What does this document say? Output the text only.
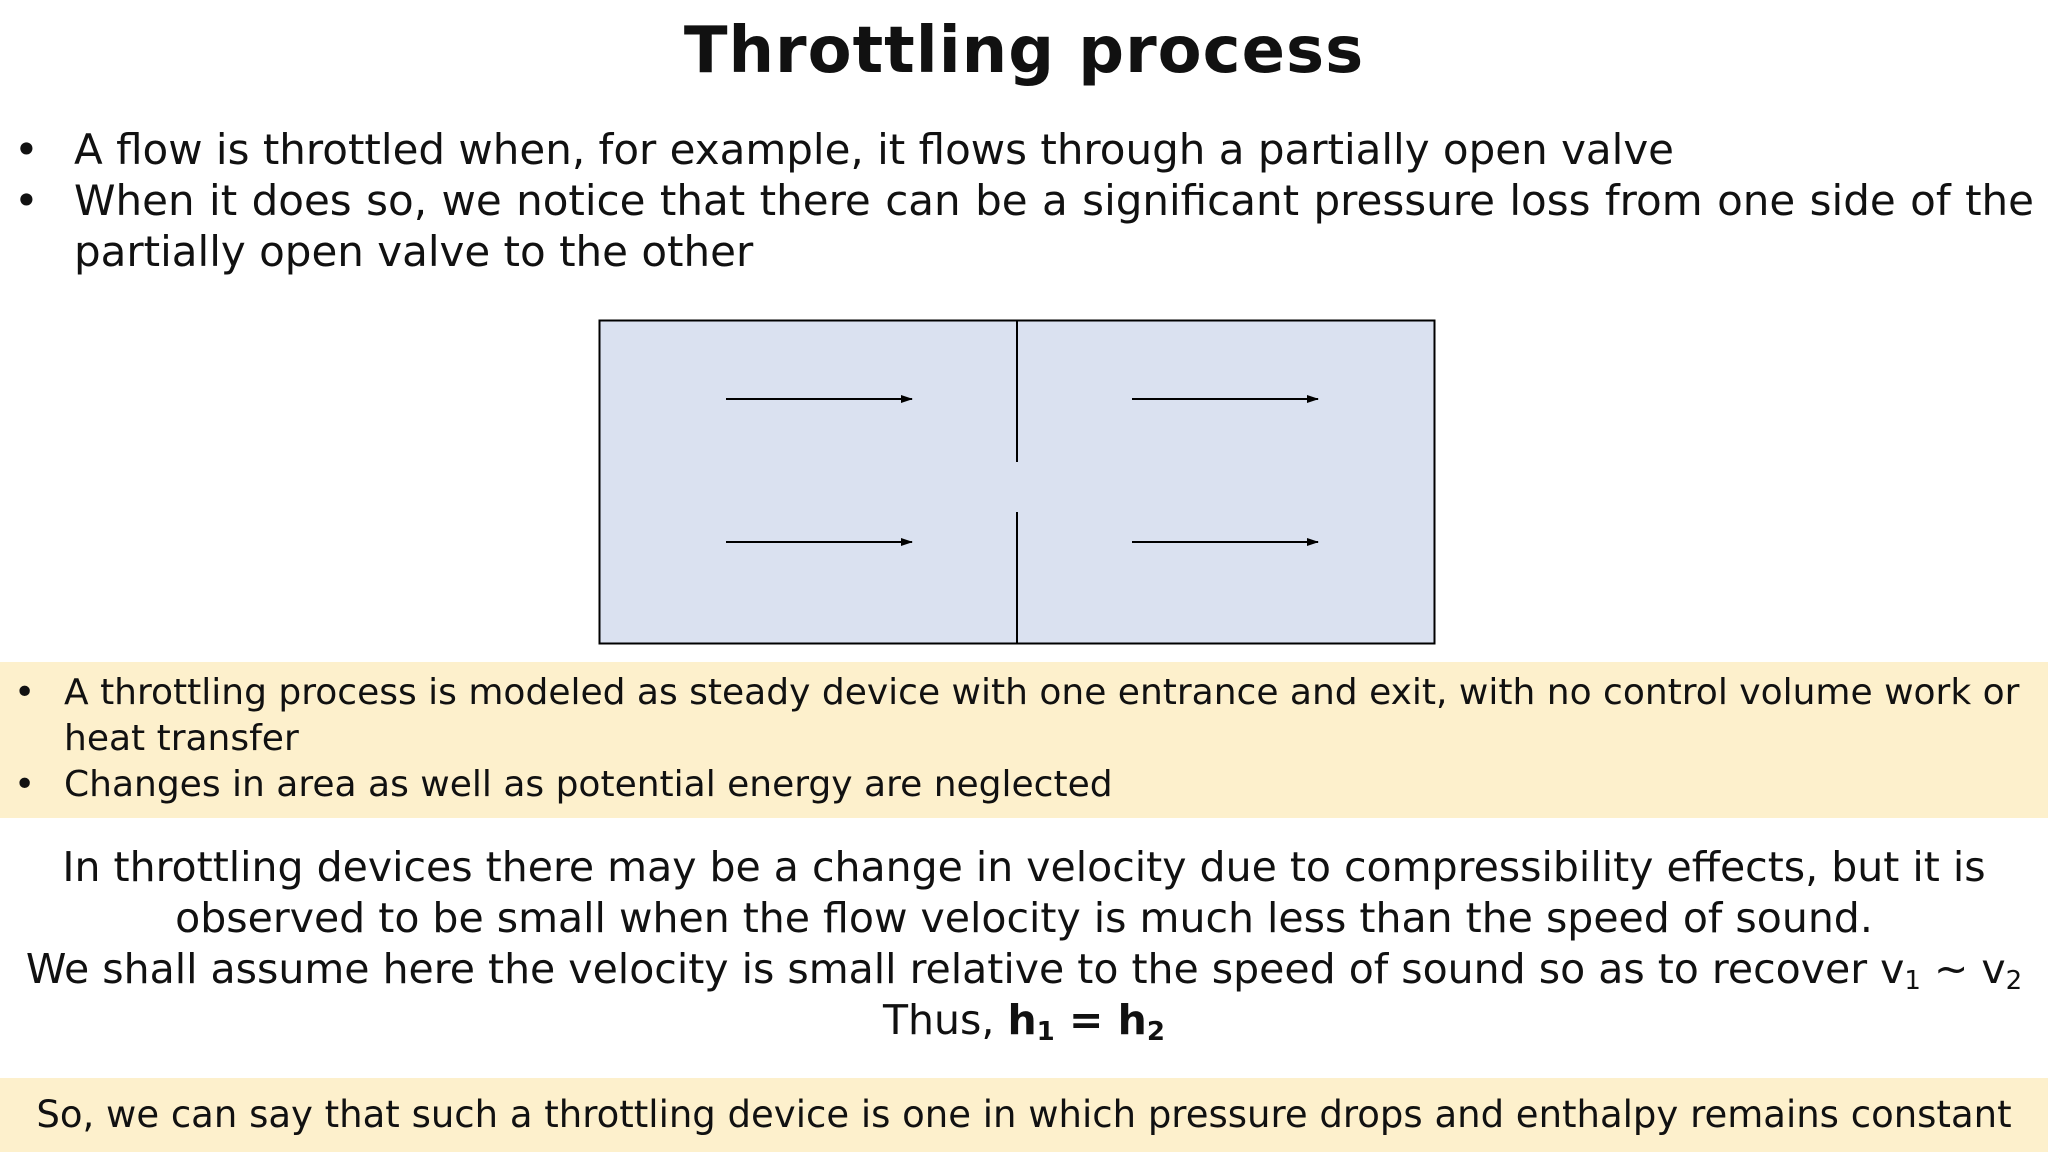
Throttling process
• A flow is throttled when, for example, it flows through a partially open valve
• When it does so, we notice that there can be a significant pressure loss from one side of the partially open valve to the other
• A throttling process is modeled as steady device with one entrance and exit, with no control volume work or heat transfer
• Changes in area as well as potential energy are neglected
In throttling devices there may be a change in velocity due to compressibility effects, but it is
observed to be small when the flow velocity is much less than the speed of sound.
We shall assume here the velocity is small relative to the speed of sound so as to recover $v_1$ ~ $v_2$
Thus, $h_1 = h_2$
So, we can say that such a throttling device is one in which pressure drops and enthalpy remains constant
